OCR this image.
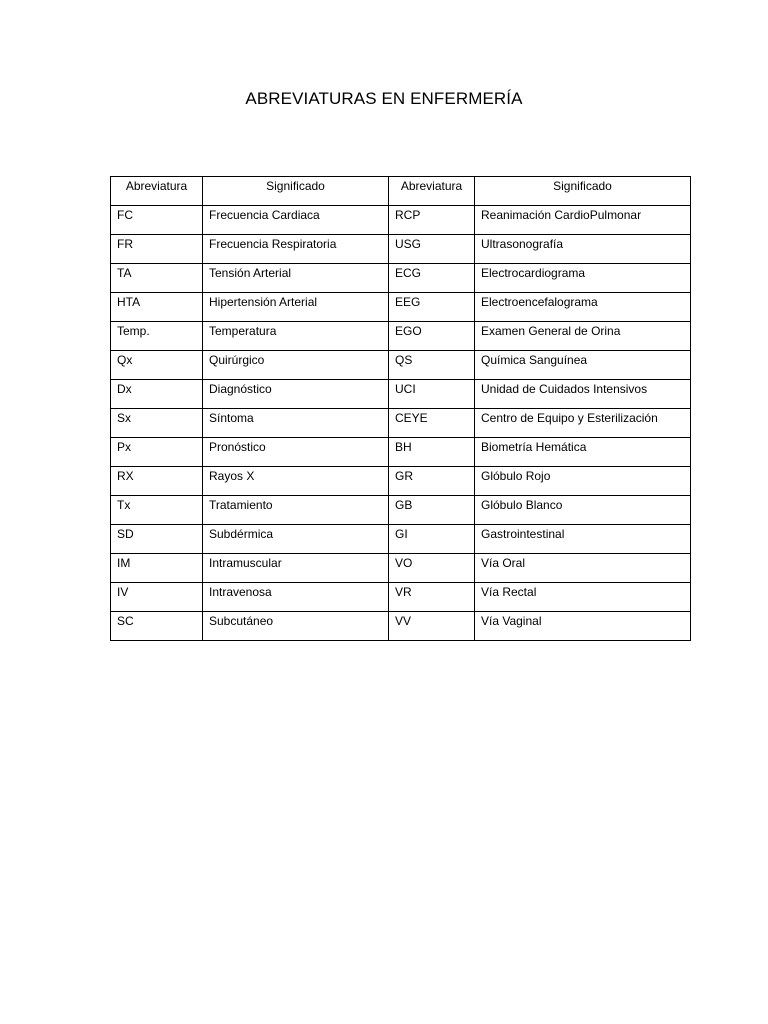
ABREVIATURAS EN ENFERMERÍA
Abreviatura	Significado	Abreviatura	Significado
FC	Frecuencia Cardiaca	RCP	Reanimación CardioPulmonar
FR	Frecuencia Respiratoria	USG	Ultrasonografía
TA	Tensión Arterial	ECG	Electrocardiograma
HTA	Hipertensión Arterial	EEG	Electroencefalograma
Temp.	Temperatura	EGO	Examen General de Orina
Qx	Quirúrgico	QS	Química Sanguínea
Dx	Diagnóstico	UCI	Unidad de Cuidados Intensivos
Sx	Síntoma	CEYE	Centro de Equipo y Esterilización
Px	Pronóstico	BH	Biometría Hemática
RX	Rayos X	GR	Glóbulo Rojo
Tx	Tratamiento	GB	Glóbulo Blanco
SD	Subdérmica	GI	Gastrointestinal
IM	Intramuscular	VO	Vía Oral
IV	Intravenosa	VR	Vía Rectal
SC	Subcutáneo	VV	Vía Vaginal
